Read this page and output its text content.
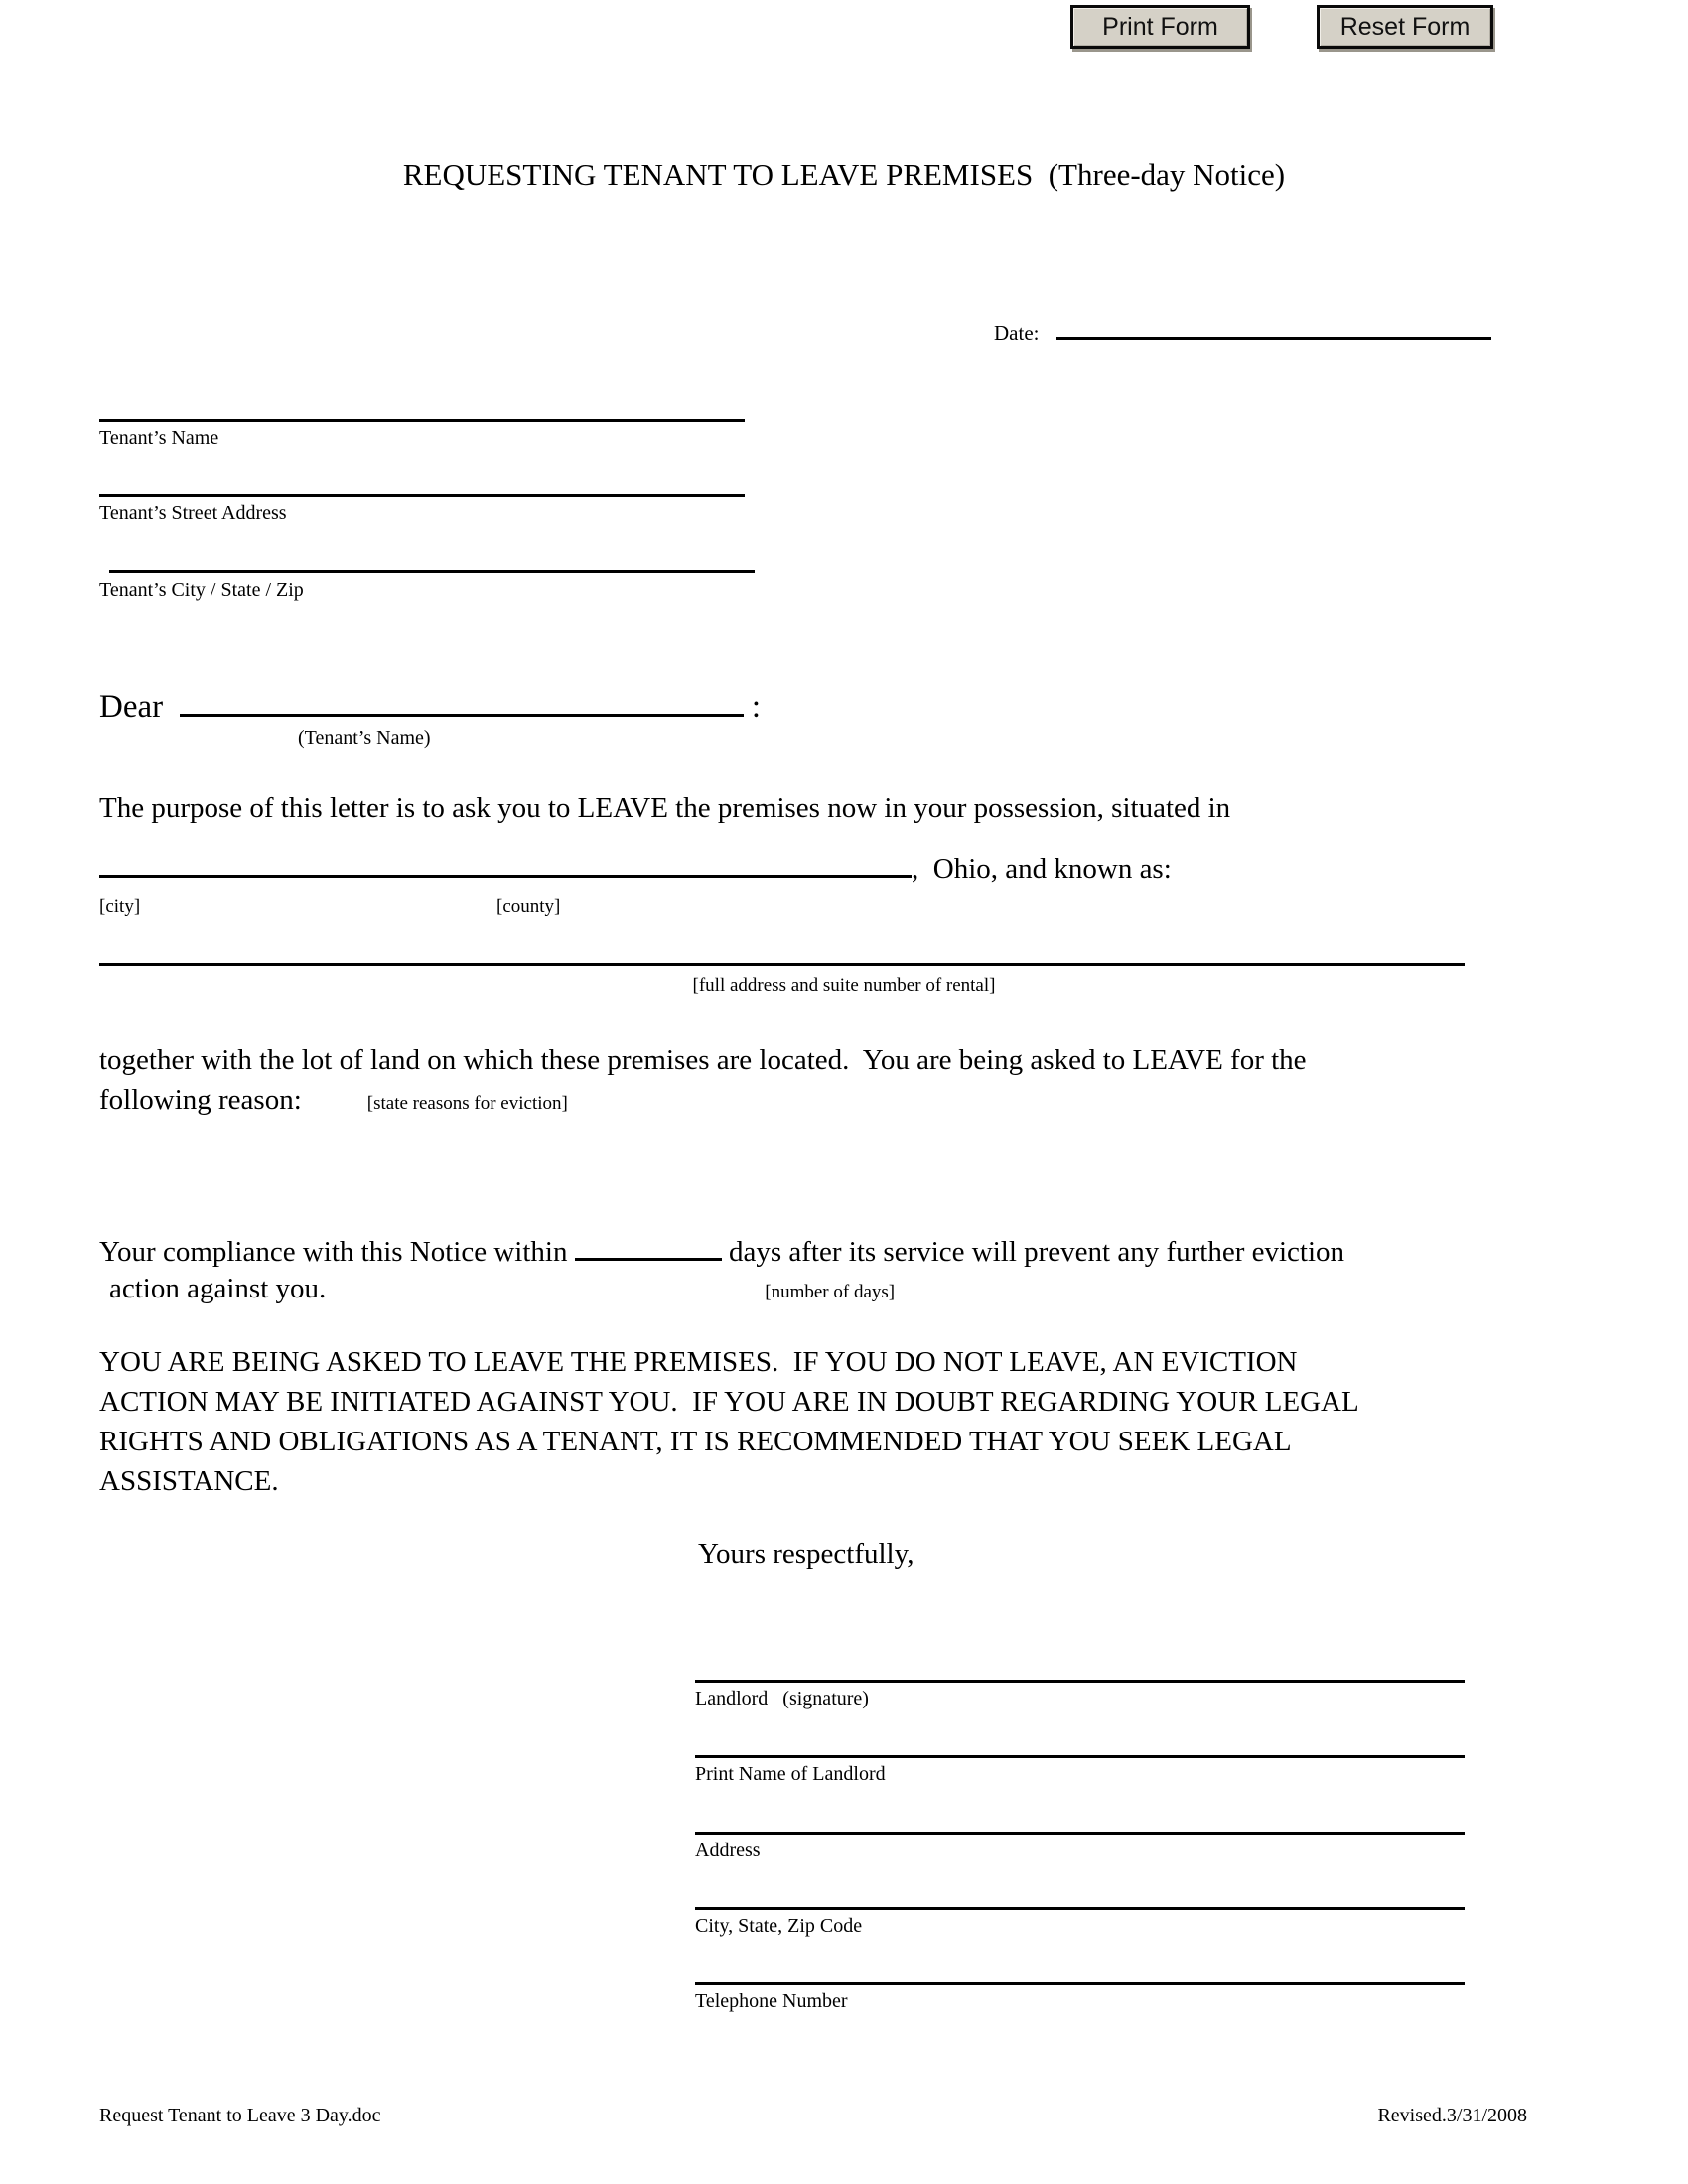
Print Form	Reset Form
REQUESTING TENANT TO LEAVE PREMISES  (Three-day Notice)
Date:
Tenant’s Name
Tenant’s Street Address
Tenant’s City / State / Zip
Dear	:
(Tenant’s Name)
The purpose of this letter is to ask you to LEAVE the premises now in your possession, situated in
,  Ohio, and known as:
[city]	[county]
[full address and suite number of rental]
together with the lot of land on which these premises are located.  You are being asked to LEAVE for the
following reason:	[state reasons for eviction]
Your compliance with this Notice within	days after its service will prevent any further eviction
action against you.	[number of days]
YOU ARE BEING ASKED TO LEAVE THE PREMISES.  IF YOU DO NOT LEAVE, AN EVICTION
ACTION MAY BE INITIATED AGAINST YOU.  IF YOU ARE IN DOUBT REGARDING YOUR LEGAL
RIGHTS AND OBLIGATIONS AS A TENANT, IT IS RECOMMENDED THAT YOU SEEK LEGAL
ASSISTANCE.
Yours respectfully,
Landlord   (signature)
Print Name of Landlord
Address
City, State, Zip Code
Telephone Number
Request Tenant to Leave 3 Day.doc	Revised.3/31/2008
